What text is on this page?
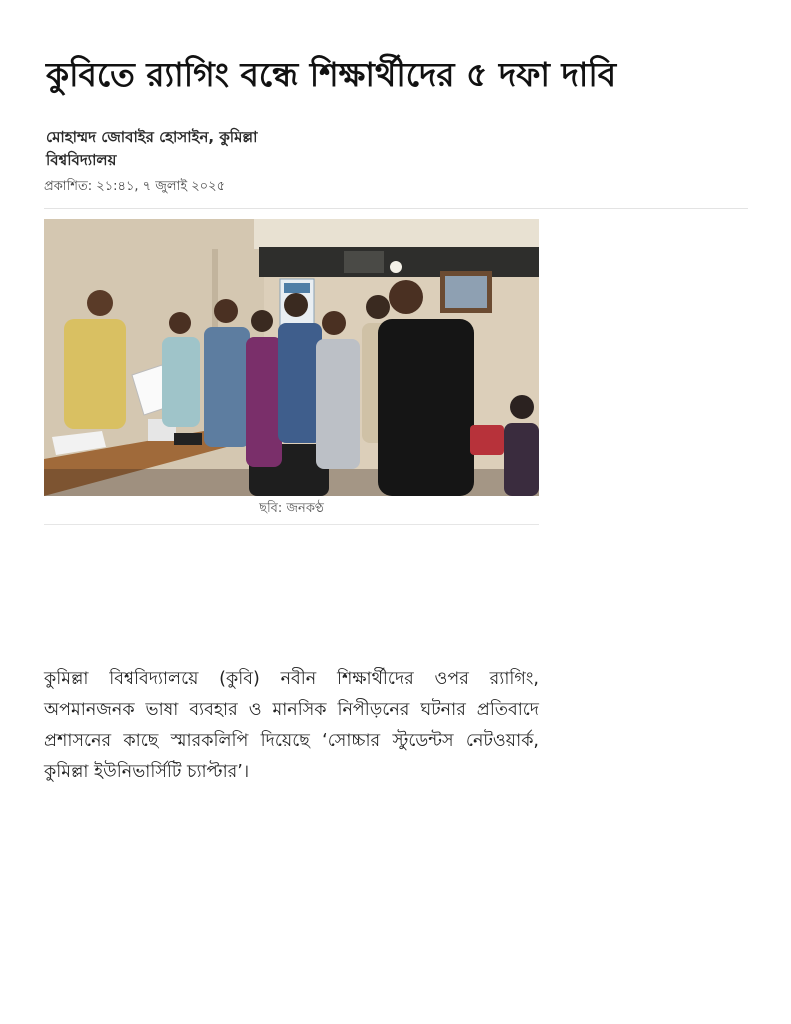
কুবিতে র‍্যাগিং বন্ধে শিক্ষার্থীদের ৫ দফা দাবি
মোহাম্মদ জোবাইর হোসাইন, কুমিল্লা
বিশ্ববিদ্যালয়
প্রকাশিত: ২১:৪১, ৭ জুলাই ২০২৫
ছবি: জনকণ্ঠ

কুমিল্লা বিশ্ববিদ্যালয়ে (কুবি) নবীন শিক্ষার্থীদের ওপর র‍্যাগিং, অপমানজনক ভাষা ব্যবহার ও মানসিক নিপীড়নের ঘটনার প্রতিবাদে প্রশাসনের কাছে স্মারকলিপি দিয়েছে ‘সোচ্চার স্টুডেন্টস নেটওয়ার্ক, কুমিল্লা ইউনিভার্সিটি চ্যাপ্টার’।
